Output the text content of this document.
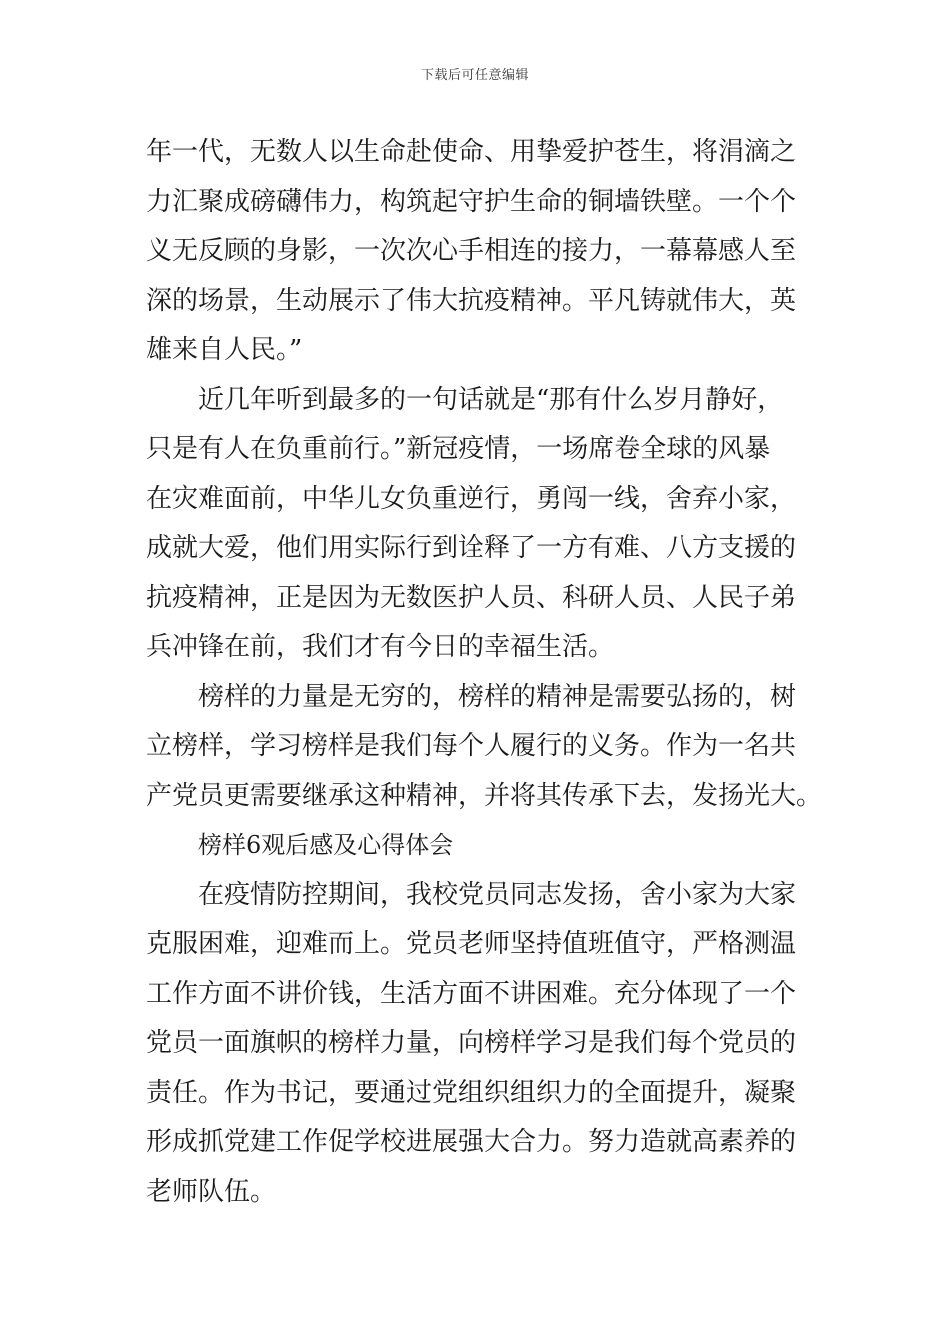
下载后可任意编辑
年一代，无数人以生命赴使命、用挚爱护苍生，将涓滴之
力汇聚成磅礴伟力，构筑起守护生命的铜墙铁壁。一个个
义无反顾的身影，一次次心手相连的接力，一幕幕感人至
深的场景，生动展示了伟大抗疫精神。平凡铸就伟大，英
雄来自人民。”
近几年听到最多的一句话就是“那有什么岁月静好，
只是有人在负重前行。”新冠疫情，一场席卷全球的风暴
在灾难面前，中华儿女负重逆行，勇闯一线，舍弃小家，
成就大爱，他们用实际行到诠释了一方有难、八方支援的
抗疫精神，正是因为无数医护人员、科研人员、人民子弟
兵冲锋在前，我们才有今日的幸福生活。
榜样的力量是无穷的，榜样的精神是需要弘扬的，树
立榜样，学习榜样是我们每个人履行的义务。作为一名共
产党员更需要继承这种精神，并将其传承下去，发扬光大。
榜样6观后感及心得体会
在疫情防控期间，我校党员同志发扬，舍小家为大家
克服困难，迎难而上。党员老师坚持值班值守，严格测温
工作方面不讲价钱，生活方面不讲困难。充分体现了一个
党员一面旗帜的榜样力量，向榜样学习是我们每个党员的
责任。作为书记，要通过党组织组织力的全面提升，凝聚
形成抓党建工作促学校进展强大合力。努力造就高素养的
老师队伍。
